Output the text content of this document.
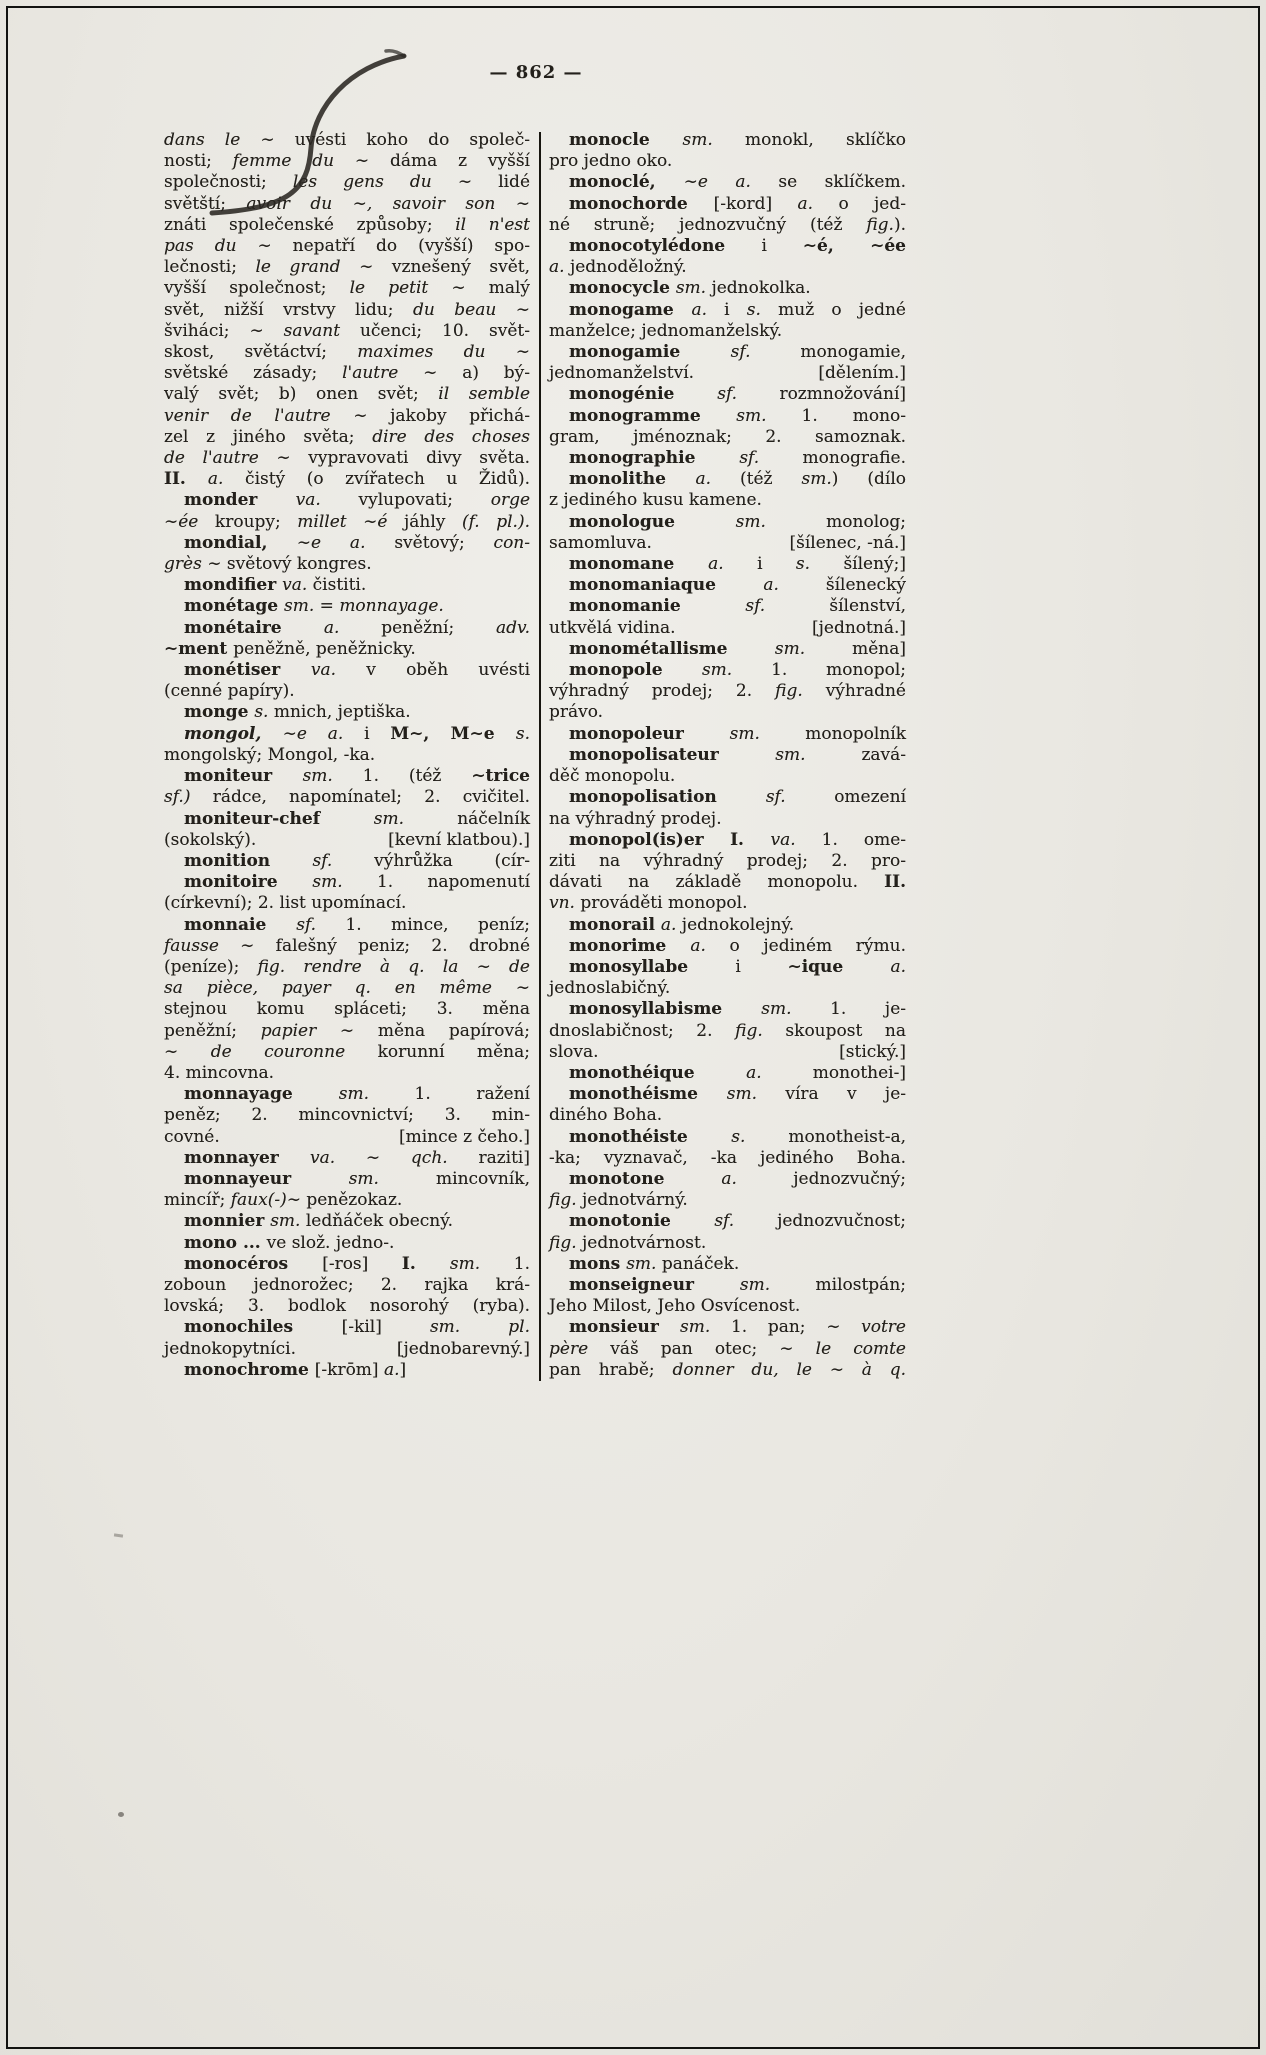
— 862 —
dans le ∼ uvésti koho do společ-
nosti; femme du ∼ dáma z vyšší
společnosti; les gens du ∼ lidé
světští; avoir du ∼, savoir son ∼
znáti společenské způsoby; il n'est
pas du ∼ nepatří do (vyšší) spo-
lečnosti; le grand ∼ vznešený svět,
vyšší společnost; le petit ∼ malý
svět, nižší vrstvy lidu; du beau ∼
šviháci; ∼ savant učenci; 10. svět-
skost, světáctví; maximes du ∼
světské zásady; l'autre ∼ a) bý-
valý svět; b) onen svět; il semble
venir de l'autre ∼ jakoby přichá-
zel z jiného světa; dire des choses
de l'autre ∼ vypravovati divy světa.
II. a. čistý (o zvířatech u Židů).
monder va. vylupovati; orge
∼ée kroupy; millet ∼é jáhly (f. pl.).
mondial, ∼e a. světový; con-
grès ∼ světový kongres.
mondifier va. čistiti.
monétage sm. = monnayage.
monétaire a. peněžní; adv.
∼ment peněžně, peněžnicky.
monétiser va. v oběh uvésti
(cenné papíry).
monge s. mnich, jeptiška.
mongol, ∼e a. i M∼, M∼e s.
mongolský; Mongol, -ka.
moniteur sm. 1. (též ∼trice
sf.) rádce, napomínatel; 2. cvičitel.
moniteur-chef sm. náčelník
(sokolský).	[kevní klatbou).]
monition sf. výhrůžka (cír-
monitoire sm. 1. napomenutí
(církevní); 2. list upomínací.
monnaie sf. 1. mince, peníz;
fausse ∼ falešný peniz; 2. drobné
(peníze); fig. rendre à q. la ∼ de
sa pièce, payer q. en même ∼
stejnou komu spláceti; 3. měna
peněžní; papier ∼ měna papírová;
∼ de couronne korunní měna;
4. mincovna.
monnayage sm. 1. ražení
peněz; 2. mincovnictví; 3. min-
covné.	[mince z čeho.]
monnayer va. ∼ qch. raziti]
monnayeur sm. mincovník,
mincíř; faux(-)∼ penězokaz.
monnier sm. ledňáček obecný.
mono ... ve slož. jedno-.
monocéros [-ros] I. sm. 1.
zoboun jednorožec; 2. rajka krá-
lovská; 3. bodlok nosorohý (ryba).
monochiles [-kil] sm. pl.
jednokopytníci.	[jednobarevný.]
monochrome [-krōm] a.]
monocle sm. monokl, sklíčko
pro jedno oko.
monoclé, ∼e a. se sklíčkem.
monochorde [-kord] a. o jed-
né struně; jednozvučný (též fig.).
monocotylédone i ∼é, ∼ée
a. jednoděložný.
monocycle sm. jednokolka.
monogame a. i s. muž o jedné
manželce; jednomanželský.
monogamie sf. monogamie,
jednomanželství.	[dělením.]
monogénie sf. rozmnožování]
monogramme sm. 1. mono-
gram, jménoznak; 2. samoznak.
monographie sf. monografie.
monolithe a. (též sm.) (dílo
z jediného kusu kamene.
monologue sm. monolog;
samomluva.	[šílenec, -ná.]
monomane a. i s. šílený;]
monomaniaque a. šílenecký
monomanie sf. šílenství,
utkvělá vidina.	[jednotná.]
monométallisme sm. měna]
monopole sm. 1. monopol;
výhradný prodej; 2. fig. výhradné
právo.
monopoleur sm. monopolník
monopolisateur sm. zavá-
děč monopolu.
monopolisation sf. omezení
na výhradný prodej.
monopol(is)er I. va. 1. ome-
ziti na výhradný prodej; 2. pro-
dávati na základě monopolu. II.
vn. prováděti monopol.
monorail a. jednokolejný.
monorime a. o jediném rýmu.
monosyllabe i ∼ique a.
jednoslabičný.
monosyllabisme sm. 1. je-
dnoslabičnost; 2. fig. skoupost na
slova.	[stický.]
monothéique a. monothei-]
monothéisme sm. víra v je-
diného Boha.
monothéiste s. monotheist-a,
-ka; vyznavač, -ka jediného Boha.
monotone a. jednozvučný;
fig. jednotvárný.
monotonie sf. jednozvučnost;
fig. jednotvárnost.
mons sm. panáček.
monseigneur sm. milostpán;
Jeho Milost, Jeho Osvícenost.
monsieur sm. 1. pan; ∼ votre
père váš pan otec; ∼ le comte
pan hrabě; donner du, le ∼ à q.
